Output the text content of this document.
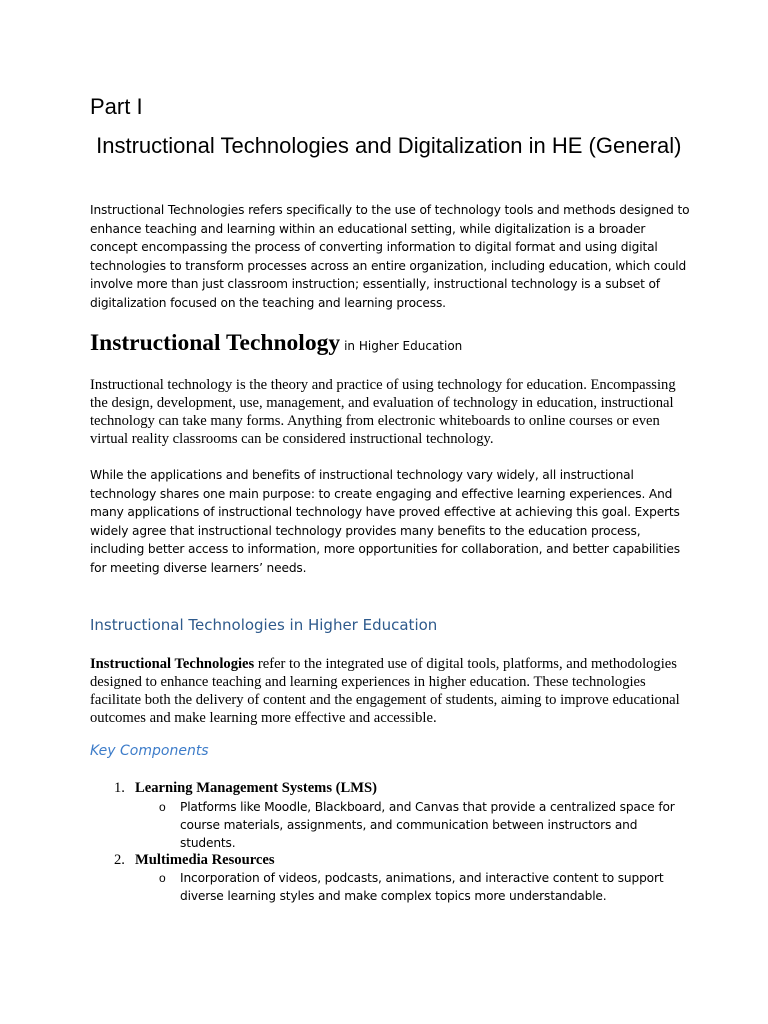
Part I
Instructional Technologies and Digitalization in HE (General)
Instructional Technologies refers specifically to the use of technology tools and methods designed to enhance teaching and learning within an educational setting, while digitalization is a broader concept encompassing the process of converting information to digital format and using digital technologies to transform processes across an entire organization, including education, which could involve more than just classroom instruction; essentially, instructional technology is a subset of digitalization focused on the teaching and learning process.
Instructional Technology in Higher Education
Instructional technology is the theory and practice of using technology for education. Encompassing the design, development, use, management, and evaluation of technology in education, instructional technology can take many forms. Anything from electronic whiteboards to online courses or even virtual reality classrooms can be considered instructional technology.
While the applications and benefits of instructional technology vary widely, all instructional technology shares one main purpose: to create engaging and effective learning experiences. And many applications of instructional technology have proved effective at achieving this goal. Experts widely agree that instructional technology provides many benefits to the education process, including better access to information, more opportunities for collaboration, and better capabilities for meeting diverse learners’ needs.
Instructional Technologies in Higher Education
Instructional Technologies refer to the integrated use of digital tools, platforms, and methodologies designed to enhance teaching and learning experiences in higher education. These technologies facilitate both the delivery of content and the engagement of students, aiming to improve educational outcomes and make learning more effective and accessible.
Key Components
1. Learning Management Systems (LMS)
o Platforms like Moodle, Blackboard, and Canvas that provide a centralized space for course materials, assignments, and communication between instructors and students.
2. Multimedia Resources
o Incorporation of videos, podcasts, animations, and interactive content to support diverse learning styles and make complex topics more understandable.
